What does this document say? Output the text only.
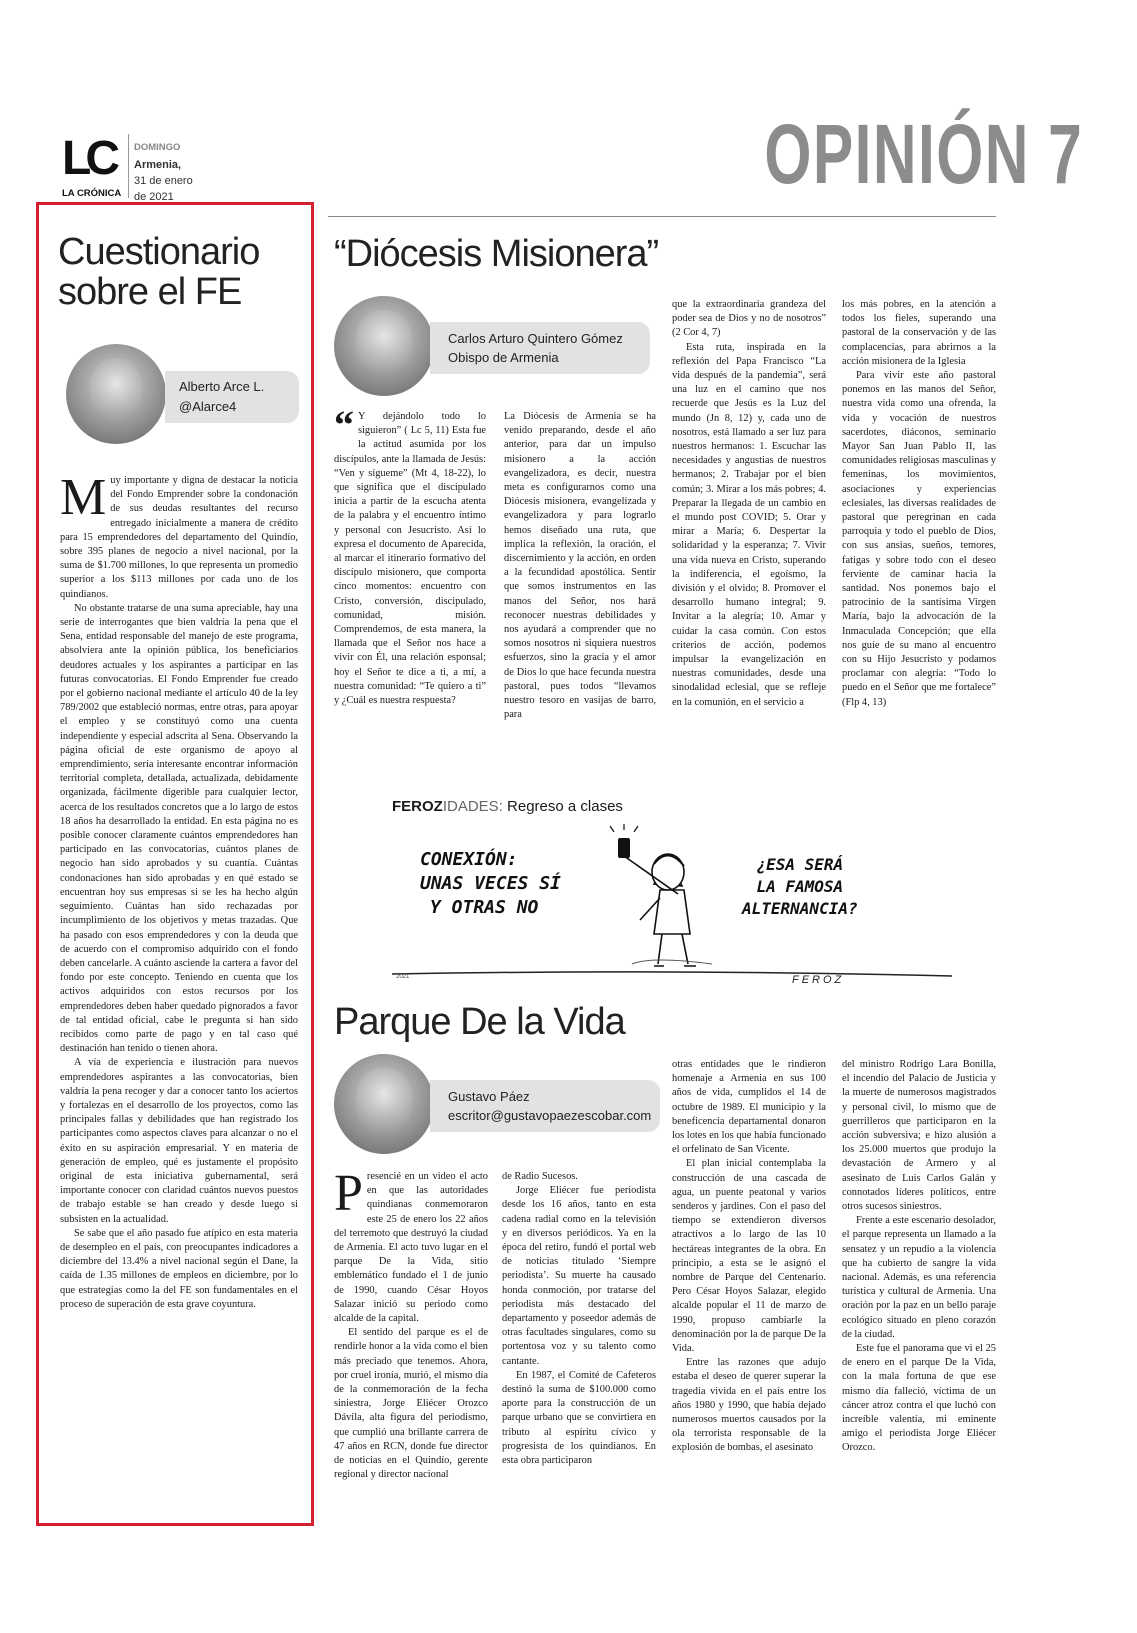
LC
LA CRÓNICA
DOMINGO
Armenia,
31 de enero
de 2021	OPINIÓN 7
Cuestionario
sobre el FE
Alberto Arce L.
@Alarce4

Muy importante y digna de destacar la noticia del Fondo Emprender sobre la condonación de sus deudas resultantes del recurso entregado inicialmente a manera de crédito para 15 emprendedores del departamento del Quindío, sobre 395 planes de negocio a nivel nacional, por la suma de $1.700 millones, lo que representa un promedio superior a los $113 millones por cada uno de los quindianos.

No obstante tratarse de una suma apreciable, hay una serie de interrogantes que bien valdría la pena que el Sena, entidad responsable del manejo de este programa, absolviera ante la opinión pública, los beneficiarios deudores actuales y los aspirantes a participar en las futuras convocatorias. El Fondo Emprender fue creado por el gobierno nacional mediante el artículo 40 de la ley 789/2002 que estableció normas, entre otras, para apoyar el empleo y se constituyó como una cuenta independiente y especial adscrita al Sena. Observando la página oficial de este organismo de apoyo al emprendimiento, sería interesante encontrar información territorial completa, detallada, actualizada, debidamente organizada, fácilmente digerible para cualquier lector, acerca de los resultados concretos que a lo largo de estos 18 años ha desarrollado la entidad. En esta página no es posible conocer claramente cuántos emprendedores han participado en las convocatorias, cuántos planes de negocio han sido aprobados y su cuantía. Cuántas condonaciones han sido aprobadas y en qué estado se encuentran hoy sus empresas si se les ha hecho algún seguimiento. Cuántas han sido rechazadas por incumplimiento de los objetivos y metas trazadas. Que ha pasado con esos emprendedores y con la deuda que de acuerdo con el compromiso adquirido con el fondo deben cancelarle. A cuánto asciende la cartera a favor del fondo por este concepto. Teniendo en cuenta que los activos adquiridos con estos recursos por los emprendedores deben haber quedado pignorados a favor de tal entidad oficial, cabe le pregunta si han sido recibidos como parte de pago y en tal caso qué destinación han tenido o tienen ahora.

A vía de experiencia e ilustración para nuevos emprendedores aspirantes a las convocatorias, bien valdría la pena recoger y dar a conocer tanto los aciertos y fortalezas en el desarrollo de los proyectos, como las principales fallas y debilidades que han registrado los participantes como aspectos claves para alcanzar o no el éxito en su aspiración empresarial. Y en materia de generación de empleo, qué es justamente el propósito original de esta iniciativa gubernamental, será importante conocer con claridad cuántos nuevos puestos de trabajo estable se han creado y desde luego si subsisten en la actualidad.

Se sabe que el año pasado fue atípico en esta materia de desempleo en el país, con preocupantes indicadores a diciembre del 13.4% a nivel nacional según el Dane, la caída de 1.35 millones de empleos en diciembre, por lo que estrategias como la del FE son fundamentales en el proceso de superación de esta grave coyuntura.

“Diócesis Misionera”
Carlos Arturo Quintero Gómez
Obispo de Armenia

“ Y dejándolo todo lo siguieron” ( Lc 5, 11) Esta fue la actitud asumida por los discípulos, ante la llamada de Jesús: “Ven y sígueme” (Mt 4, 18-22), lo que significa que el discipulado inicia a partir de la escucha atenta de la palabra y el encuentro íntimo y personal con Jesucristo. Así lo expresa el documento de Aparecida, al marcar el itinerario formativo del discípulo misionero, que comporta cinco momentos: encuentro con Cristo, conversión, discipulado, comunidad, misión. Comprendemos, de esta manera, la llamada que el Señor nos hace a vivir con Él, una relación esponsal; hoy el Señor te dice a ti, a mí, a nuestra comunidad: “Te quiero a ti” y ¿Cuál es nuestra respuesta?

La Diócesis de Armenia se ha venido preparando, desde el año anterior, para dar un impulso misionero a la acción evangelizadora, es decir, nuestra meta es configurarnos como una Diócesis misionera, evangelizada y evangelizadora y para lograrlo hemos diseñado una ruta, que implica la reflexión, la oración, el discernimiento y la acción, en orden a la fecundidad apostólica. Sentir que somos instrumentos en las manos del Señor, nos hará reconocer nuestras debilidades y nos ayudará a comprender que no somos nosotros ni siquiera nuestros esfuerzos, sino la gracia y el amor de Dios lo que hace fecunda nuestra pastoral, pues todos “llevamos nuestro tesoro en vasijas de barro, para

que la extraordinaria grandeza del poder sea de Dios y no de nosotros” (2 Cor 4, 7)

Esta ruta, inspirada en la reflexión del Papa Francisco “La vida después de la pandemia”, será una luz en el camino que nos recuerde que Jesús es la Luz del mundo (Jn 8, 12) y, cada uno de nosotros, está llamado a ser luz para nuestros hermanos: 1. Escuchar las necesidades y angustias de nuestros hermanos; 2. Trabajar por el bien común; 3. Mirar a los más pobres; 4. Preparar la llegada de un cambio en el mundo post COVID; 5. Orar y mirar a María; 6. Despertar la solidaridad y la esperanza; 7. Vivir una vida nueva en Cristo, superando la indiferencia, el egoísmo, la división y el olvido; 8. Promover el desarrollo humano integral; 9. Invitar a la alegría; 10. Amar y cuidar la casa común. Con estos criterios de acción, podemos impulsar la evangelización en nuestras comunidades, desde una sinodalidad eclesial, que se refleje en la comunión, en el servicio a

los más pobres, en la atención a todos los fieles, superando una pastoral de la conservación y de las complacencias, para abrirnos a la acción misionera de la Iglesia

Para vivir este año pastoral ponemos en las manos del Señor, nuestra vida como una ofrenda, la vida y vocación de nuestros sacerdotes, diáconos, seminario Mayor San Juan Pablo II, las comunidades religiosas masculinas y femeninas, los movimientos, asociaciones y experiencias eclesiales, las diversas realidades de pastoral que peregrinan en cada parroquia y todo el pueblo de Dios, con sus ansias, sueños, temores, fatigas y sobre todo con el deseo ferviente de caminar hacia la santidad. Nos ponemos bajo el patrocinio de la santísima Virgen María, bajo la advocación de la Inmaculada Concepción; que ella nos guíe de su mano al encuentro con su Hijo Jesucristo y podamos proclamar con alegría: “Todo lo puedo en el Señor que me fortalece” (Flp 4, 13)

FEROZIDADES: Regreso a clases
CONEXIÓN:
UNAS VECES SÍ
Y OTRAS NO
¿ESA SERÁ
LA FAMOSA
ALTERNANCIA?
2021	FEROZ
Parque De la Vida
Gustavo Páez
escritor@gustavopaezescobar.com

Presencié en un video el acto en que las autoridades quindianas conmemoraron este 25 de enero los 22 años del terremoto que destruyó la ciudad de Armenia. El acto tuvo lugar en el parque De la Vida, sitio emblemático fundado el 1 de junio de 1990, cuando César Hoyos Salazar inició su periodo como alcalde de la capital.

El sentido del parque es el de rendirle honor a la vida como el bien más preciado que tenemos. Ahora, por cruel ironía, murió, el mismo día de la conmemoración de la fecha siniestra, Jorge Eliécer Orozco Dávila, alta figura del periodismo, que cumplió una brillante carrera de 47 años en RCN, donde fue director de noticias en el Quindío, gerente regional y director nacional

de Radio Sucesos.

Jorge Eliécer fue periodista desde los 16 años, tanto en esta cadena radial como en la televisión y en diversos periódicos. Ya en la época del retiro, fundó el portal web de noticias titulado ‘Siempre periodista’. Su muerte ha causado honda conmoción, por tratarse del periodista más destacado del departamento y poseedor además de otras facultades singulares, como su portentosa voz y su talento como cantante.

En 1987, el Comité de Cafeteros destinó la suma de $100.000 como aporte para la construcción de un parque urbano que se convirtiera en tributo al espíritu cívico y progresista de los quindianos. En esta obra participaron

otras entidades que le rindieron homenaje a Armenia en sus 100 años de vida, cumplidos el 14 de octubre de 1989. El municipio y la beneficencia departamental donaron los lotes en los que había funcionado el orfelinato de San Vicente.

El plan inicial contemplaba la construcción de una cascada de agua, un puente peatonal y varios senderos y jardines. Con el paso del tiempo se extendieron diversos atractivos a lo largo de las 10 hectáreas integrantes de la obra. En principio, a esta se le asignó el nombre de Parque del Centenario. Pero César Hoyos Salazar, elegido alcalde popular el 11 de marzo de 1990, propuso cambiarle la denominación por la de parque De la Vida.

Entre las razones que adujo estaba el deseo de querer superar la tragedia vivida en el país entre los años 1980 y 1990, que había dejado numerosos muertos causados por la ola terrorista responsable de la explosión de bombas, el asesinato

del ministro Rodrigo Lara Bonilla, el incendio del Palacio de Justicia y la muerte de numerosos magistrados y personal civil, lo mismo que de guerrilleros que participaron en la acción subversiva; e hizo alusión a los 25.000 muertos que produjo la devastación de Armero y al asesinato de Luis Carlos Galán y connotados líderes políticos, entre otros sucesos siniestros.

Frente a este escenario desolador, el parque representa un llamado a la sensatez y un repudio a la violencia que ha cubierto de sangre la vida nacional. Además, es una referencia turística y cultural de Armenia. Una oración por la paz en un bello paraje ecológico situado en pleno corazón de la ciudad.

Este fue el panorama que vi el 25 de enero en el parque De la Vida, con la mala fortuna de que ese mismo día falleció, víctima de un cáncer atroz contra el que luchó con increíble valentía, mi eminente amigo el periodista Jorge Eliécer Orozco.
